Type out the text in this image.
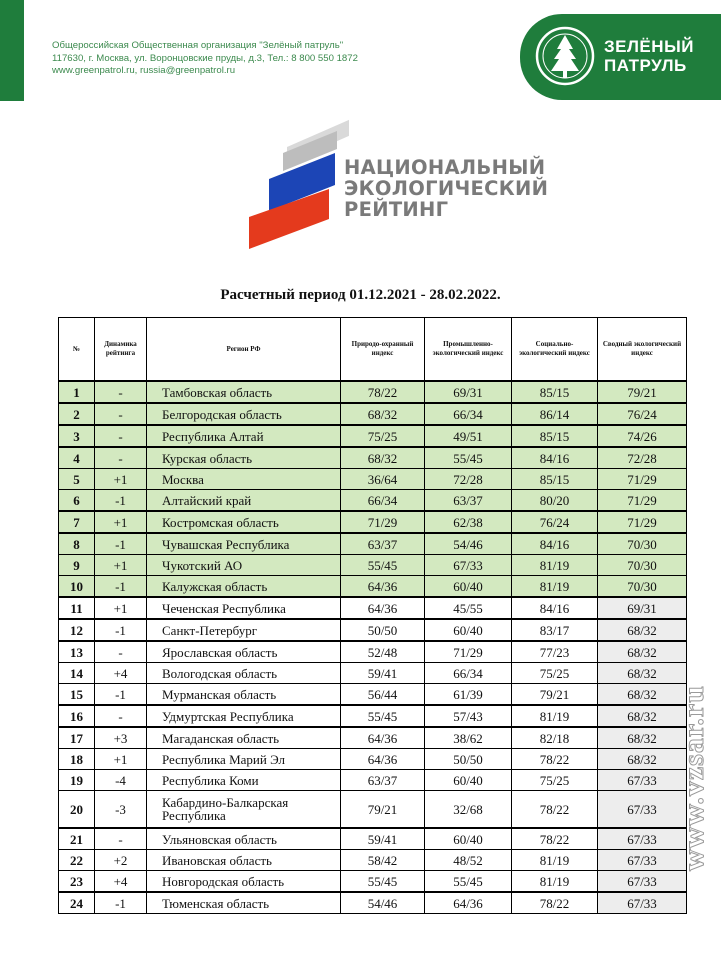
Общероссийская Общественная организация "Зелёный патруль"
117630, г. Москва, ул. Воронцовские пруды, д.3, Тел.: 8 800 550 1872
www.greenpatrol.ru, russia@greenpatrol.ru
ЗЕЛЁНЫЙ
ПАТРУЛЬ
НАЦИОНАЛЬНЫЙ
ЭКОЛОГИЧЕСКИЙ
РЕЙТИНГ
Расчетный период 01.12.2021 - 28.02.2022.
№	Динамика рейтинга	Регион РФ	Природо-охранный индекс	Промышленно-экологический индекс	Социально-экологический индекс	Сводный экологический индекс
1	-	Тамбовская область	78/22	69/31	85/15	79/21
2	-	Белгородская область	68/32	66/34	86/14	76/24
3	-	Республика Алтай	75/25	49/51	85/15	74/26
4	-	Курская область	68/32	55/45	84/16	72/28
5	+1	Москва	36/64	72/28	85/15	71/29
6	-1	Алтайский край	66/34	63/37	80/20	71/29
7	+1	Костромская область	71/29	62/38	76/24	71/29
8	-1	Чувашская Республика	63/37	54/46	84/16	70/30
9	+1	Чукотский АО	55/45	67/33	81/19	70/30
10	-1	Калужская область	64/36	60/40	81/19	70/30
11	+1	Чеченская Республика	64/36	45/55	84/16	69/31
12	-1	Санкт-Петербург	50/50	60/40	83/17	68/32
13	-	Ярославская область	52/48	71/29	77/23	68/32
14	+4	Вологодская область	59/41	66/34	75/25	68/32
15	-1	Мурманская область	56/44	61/39	79/21	68/32
16	-	Удмуртская Республика	55/45	57/43	81/19	68/32
17	+3	Магаданская область	64/36	38/62	82/18	68/32
18	+1	Республика Марий Эл	64/36	50/50	78/22	68/32
19	-4	Республика Коми	63/37	60/40	75/25	67/33
20	-3	Кабардино-Балкарская Республика	79/21	32/68	78/22	67/33
21	-	Ульяновская область	59/41	60/40	78/22	67/33
22	+2	Ивановская область	58/42	48/52	81/19	67/33
23	+4	Новгородская область	55/45	55/45	81/19	67/33
24	-1	Тюменская область	54/46	64/36	78/22	67/33
www.vzsar.ru
